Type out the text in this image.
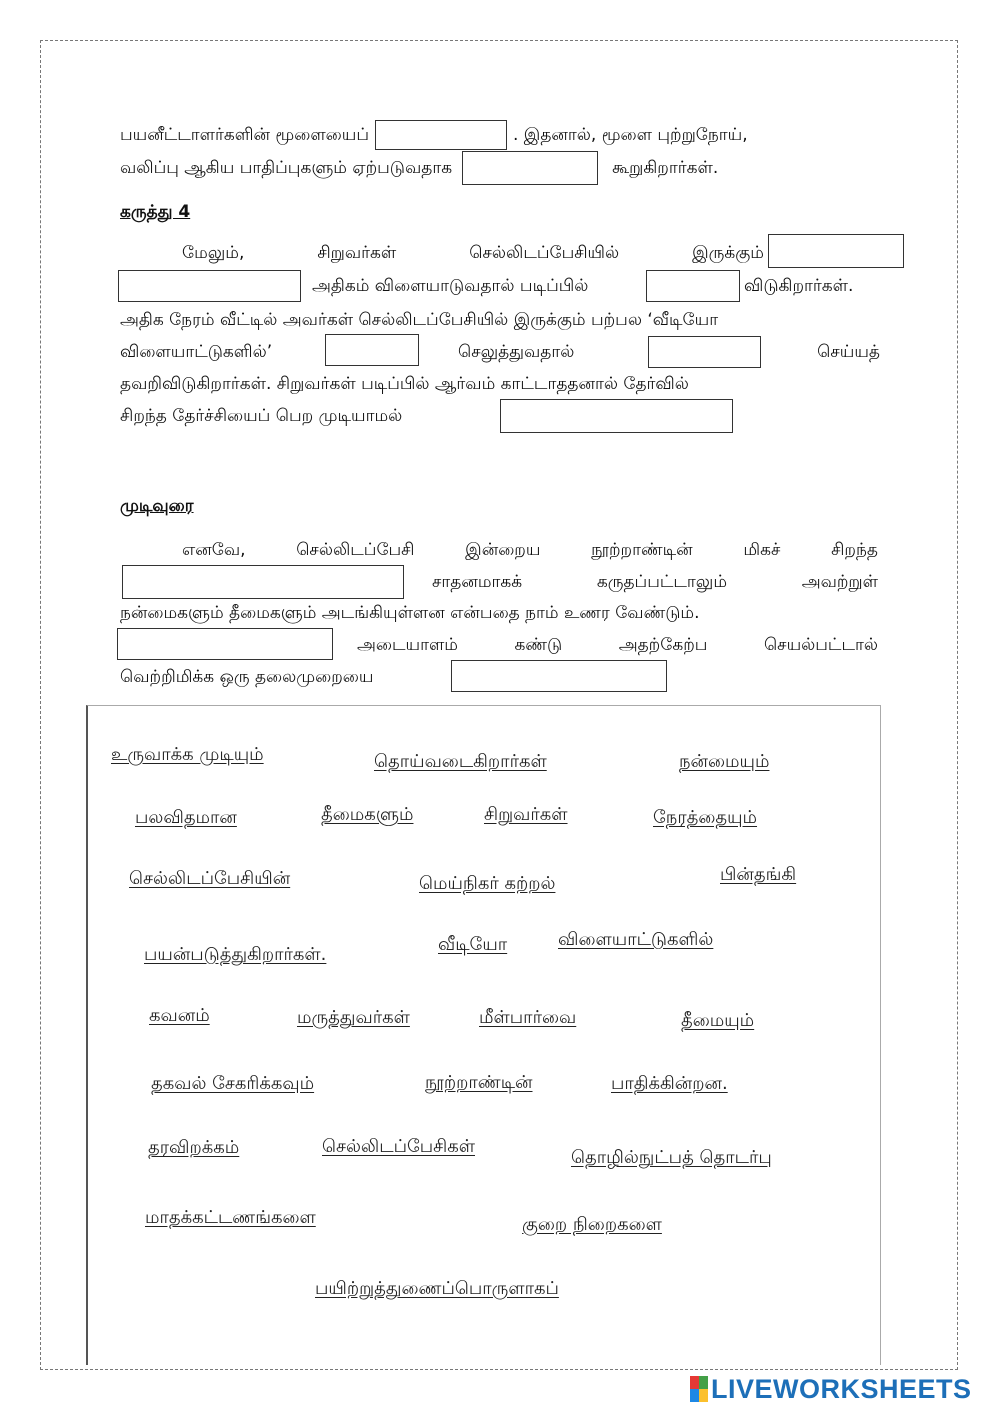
பயனீட்டாளர்களின் மூளையைப்	. இதனால், மூளை புற்றுநோய்,
வலிப்பு ஆகிய பாதிப்புகளும் ஏற்படுவதாக	கூறுகிறார்கள்.
கருத்து 4
மேலும்,	சிறுவர்கள்	செல்லிடப்பேசியில்	இருக்கும்
அதிகம் விளையாடுவதால் படிப்பில்	விடுகிறார்கள்.
அதிக நேரம் வீட்டில் அவர்கள் செல்லிடப்பேசியில் இருக்கும் பற்பல ‘வீடியோ
விளையாட்டுகளில்’	செலுத்துவதால்	செய்யத்
தவறிவிடுகிறார்கள். சிறுவர்கள் படிப்பில் ஆர்வம் காட்டாததனால் தேர்வில்
சிறந்த தேர்ச்சியைப் பெற முடியாமல்
முடிவுரை
எனவே,	செல்லிடப்பேசி	இன்றைய	நூற்றாண்டின்	மிகச்	சிறந்த
சாதனமாகக்	கருதப்பட்டாலும்	அவற்றுள்
நன்மைகளும் தீமைகளும் அடங்கியுள்ளன என்பதை நாம் உணர வேண்டும்.
அடையாளம்	கண்டு	அதற்கேற்ப	செயல்பட்டால்
வெற்றிமிக்க ஒரு தலைமுறையை
உருவாக்க முடியும்	தொய்வடைகிறார்கள்	நன்மையும்
பலவிதமான	தீமைகளும்	சிறுவர்கள்	நேரத்தையும்
செல்லிடப்பேசியின்	மெய்நிகர் கற்றல்	பின்தங்கி
பயன்படுத்துகிறார்கள்.	வீடியோ	விளையாட்டுகளில்
கவனம்	மருத்துவர்கள்	மீள்பார்வை	தீமையும்
தகவல் சேகரிக்கவும்	நூற்றாண்டின்	பாதிக்கின்றன.
தரவிறக்கம்	செல்லிடப்பேசிகள்
தொழில்நுட்பத் தொடர்பு
மாதக்கட்டணங்களை	குறை நிறைகளை
பயிற்றுத்துணைப்பொருளாகப்
LIVEWORKSHEETS
